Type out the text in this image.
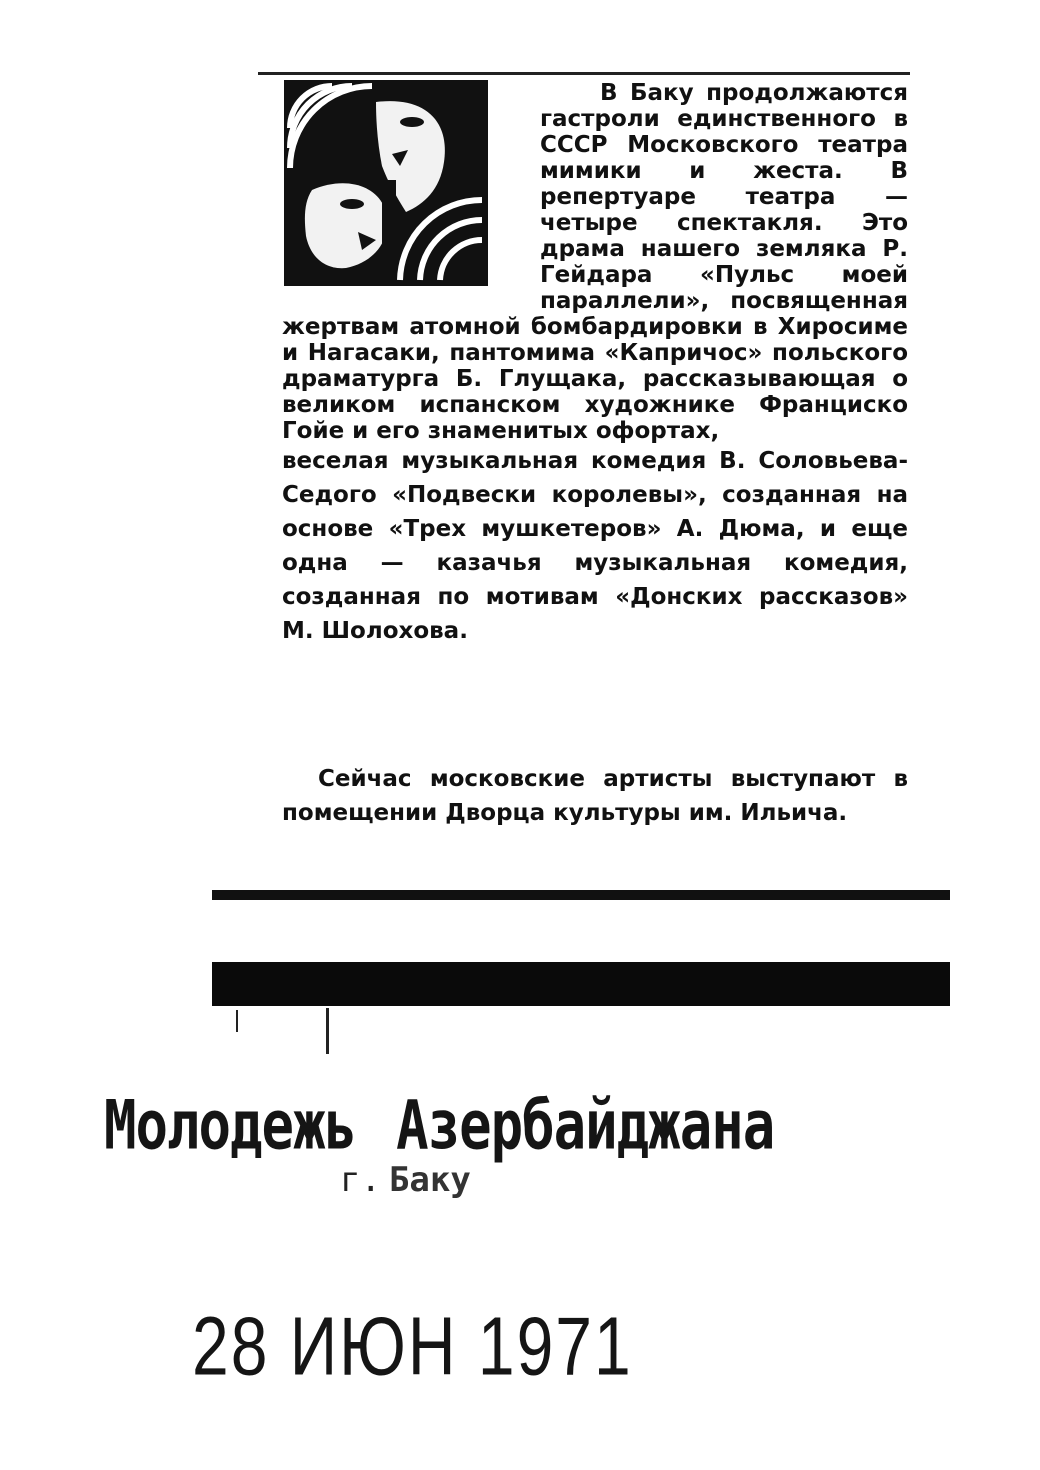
В Баку продолжаются гастроли единственного в СССР Московского театра мимики и жеста. В репертуаре театра — четыре спектакля. Это драма нашего земляка Р. Гейдара «Пульс моей параллели», посвященная жертвам атомной бомбардировки в Хиросиме и Нагасаки, пантомима «Капричос» польского драматурга Б. Глущака, рассказывающая о великом испанском художнике Франциско Гойе и его знаменитых офортах,

веселая музыкальная комедия В. Соловьева-Седого «Подвески королевы», созданная на основе «Трех мушкетеров» А. Дюма, и еще одна — казачья музыкальная комедия, созданная по мотивам «Донских рассказов» М. Шолохова.

Сейчас московские артисты выступают в помещении Дворца культуры им. Ильича.
Молодежь Азербайджана
г. Баку
28 ИЮН 1971
